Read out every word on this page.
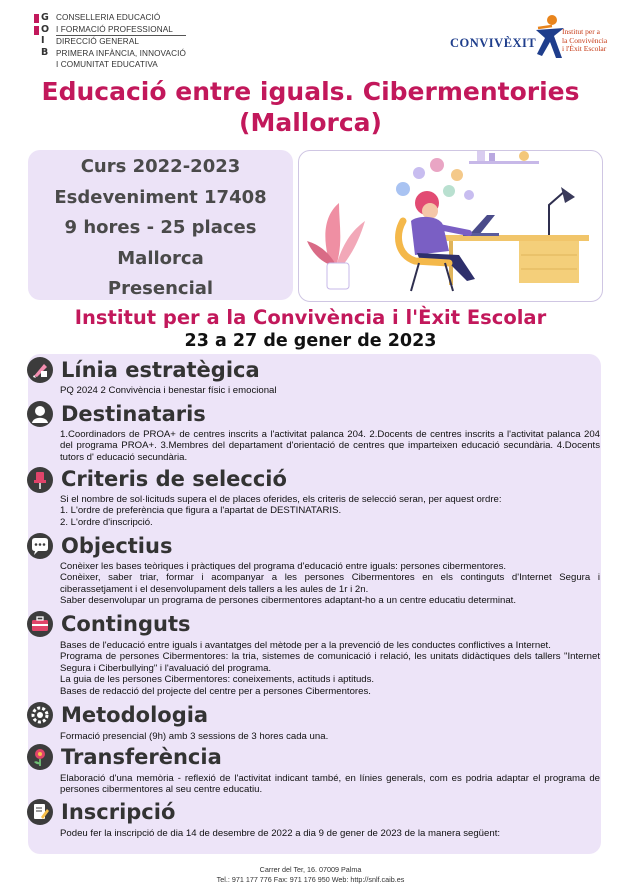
G
O
I
B
CONSELLERIA EDUCACIÓ
I FORMACIÓ PROFESSIONAL
DIRECCIÓ GENERAL
PRIMERA INFÀNCIA, INNOVACIÓ
I COMUNITAT EDUCATIVA
CONVIVÈXIT
Institut per a
la Convivència
i l'Èxit Escolar
Educació entre iguals. Cibermentories
(Mallorca)
Curs 2022-2023
Esdeveniment 17408
9 hores - 25 places
Mallorca
Presencial
Institut per a la Convivència i l'Èxit Escolar
23 a 27 de gener de 2023
Línia estratègica

PQ 2024 2 Convivència i benestar físic i emocional

Destinataris

1.Coordinadors de PROA+ de centres inscrits a l'activitat palanca 204. 2.Docents de centres inscrits a l'activitat palanca 204 del programa PROA+. 3.Membres del departament d'orientació de centres que imparteixen educació secundària. 4.Docents tutors d' educació secundària.

Criteris de selecció

Si el nombre de sol·licituds supera el de places oferides, els criteris de selecció seran, per aquest ordre:

1. L'ordre de preferència que figura a l'apartat de DESTINATARIS.

2. L'ordre d'inscripció.

Objectius

Conèixer les bases teòriques i pràctiques del programa d'educació entre iguals: persones cibermentores.

Conèixer, saber triar, formar i acompanyar a les persones Cibermentores en els continguts d'Internet Segura i ciberassetjament i el desenvolupament dels tallers a les aules de 1r i 2n.

Saber desenvolupar un programa de persones cibermentores adaptant-ho a un centre educatiu determinat.

Continguts

Bases de l'educació entre iguals i avantatges del mètode per a la prevenció de les conductes conflictives a Internet.

Programa de persones Cibermentores: la tria, sistemes de comunicació i relació, les unitats didàctiques dels tallers "Internet Segura i Ciberbullying" i l'avaluació del programa.

La guia de les persones Cibermentores: coneixements, actituds i aptituds.

Bases de redacció del projecte del centre per a persones Cibermentores.

Metodologia

Formació presencial (9h) amb 3 sessions de 3 hores cada una.

Transferència

Elaboració d'una memòria - reflexió de l'activitat indicant també, en línies generals, com es podria adaptar el programa de persones cibermentores al seu centre educatiu.

Inscripció

Podeu fer la inscripció de dia 14 de desembre de 2022 a dia 9 de gener de 2023 de la manera següent:

Carrer del Ter, 16. 07009 Palma
Tel.: 971 177 776 Fax: 971 176 950 Web: http://snlf.caib.es
